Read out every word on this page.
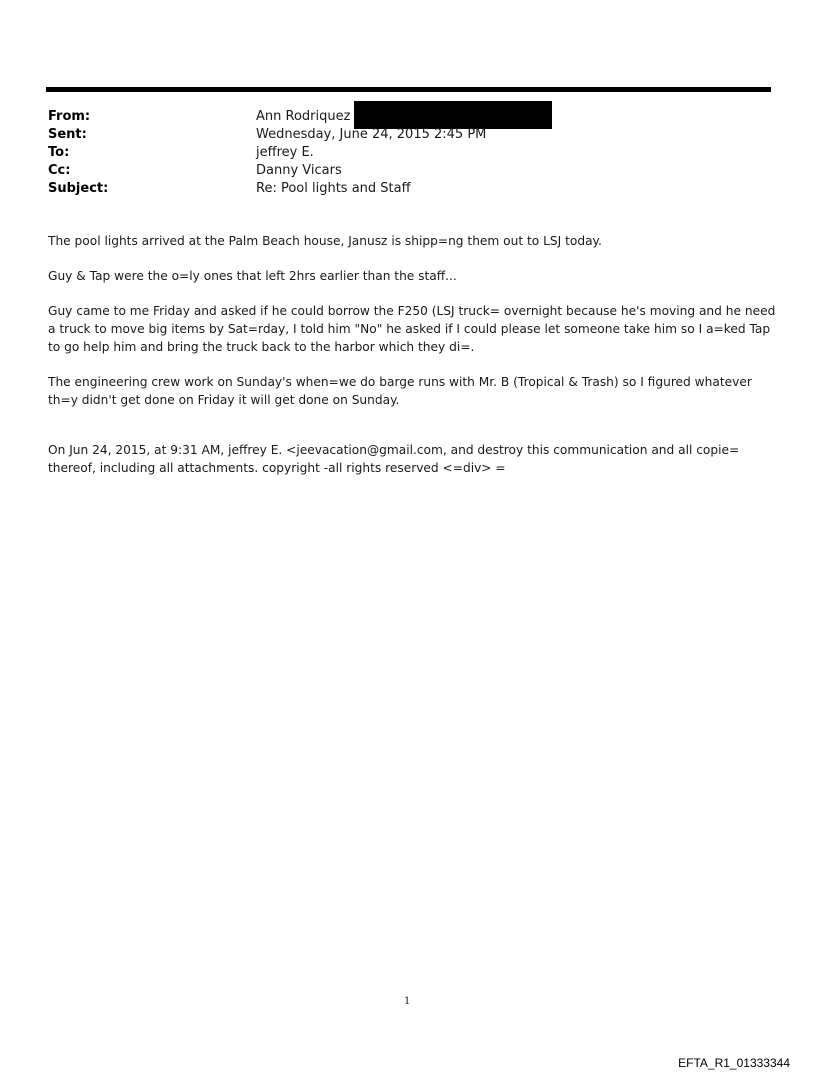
From:	Ann Rodriquez
Sent:	Wednesday, June 24, 2015 2:45 PM
To:	jeffrey E.
Cc:	Danny Vicars
Subject:	Re: Pool lights and Staff

The pool lights arrived at the Palm Beach house, Janusz is shipp=ng them out to LSJ today.

Guy & Tap were the o=ly ones that left 2hrs earlier than the staff...

Guy came to me Friday and asked if he could borrow the F250 (LSJ truck= overnight because he's moving and he need a truck to move big items by Sat=rday, I told him "No" he asked if I could please let someone take him so I a=ked Tap to go help him and bring the truck back to the harbor which they di=.

The engineering crew work on Sunday's when=we do barge runs with Mr. B (Tropical & Trash) so I figured whatever th=y didn't get done on Friday it will get done on Sunday.

On Jun 24, 2015, at 9:31 AM, jeffrey E. <jeevacation@gmail.com, and destroy this communication and all copie= thereof, including all attachments. copyright -all rights reserved <=div> =

1
EFTA_R1_01333344
